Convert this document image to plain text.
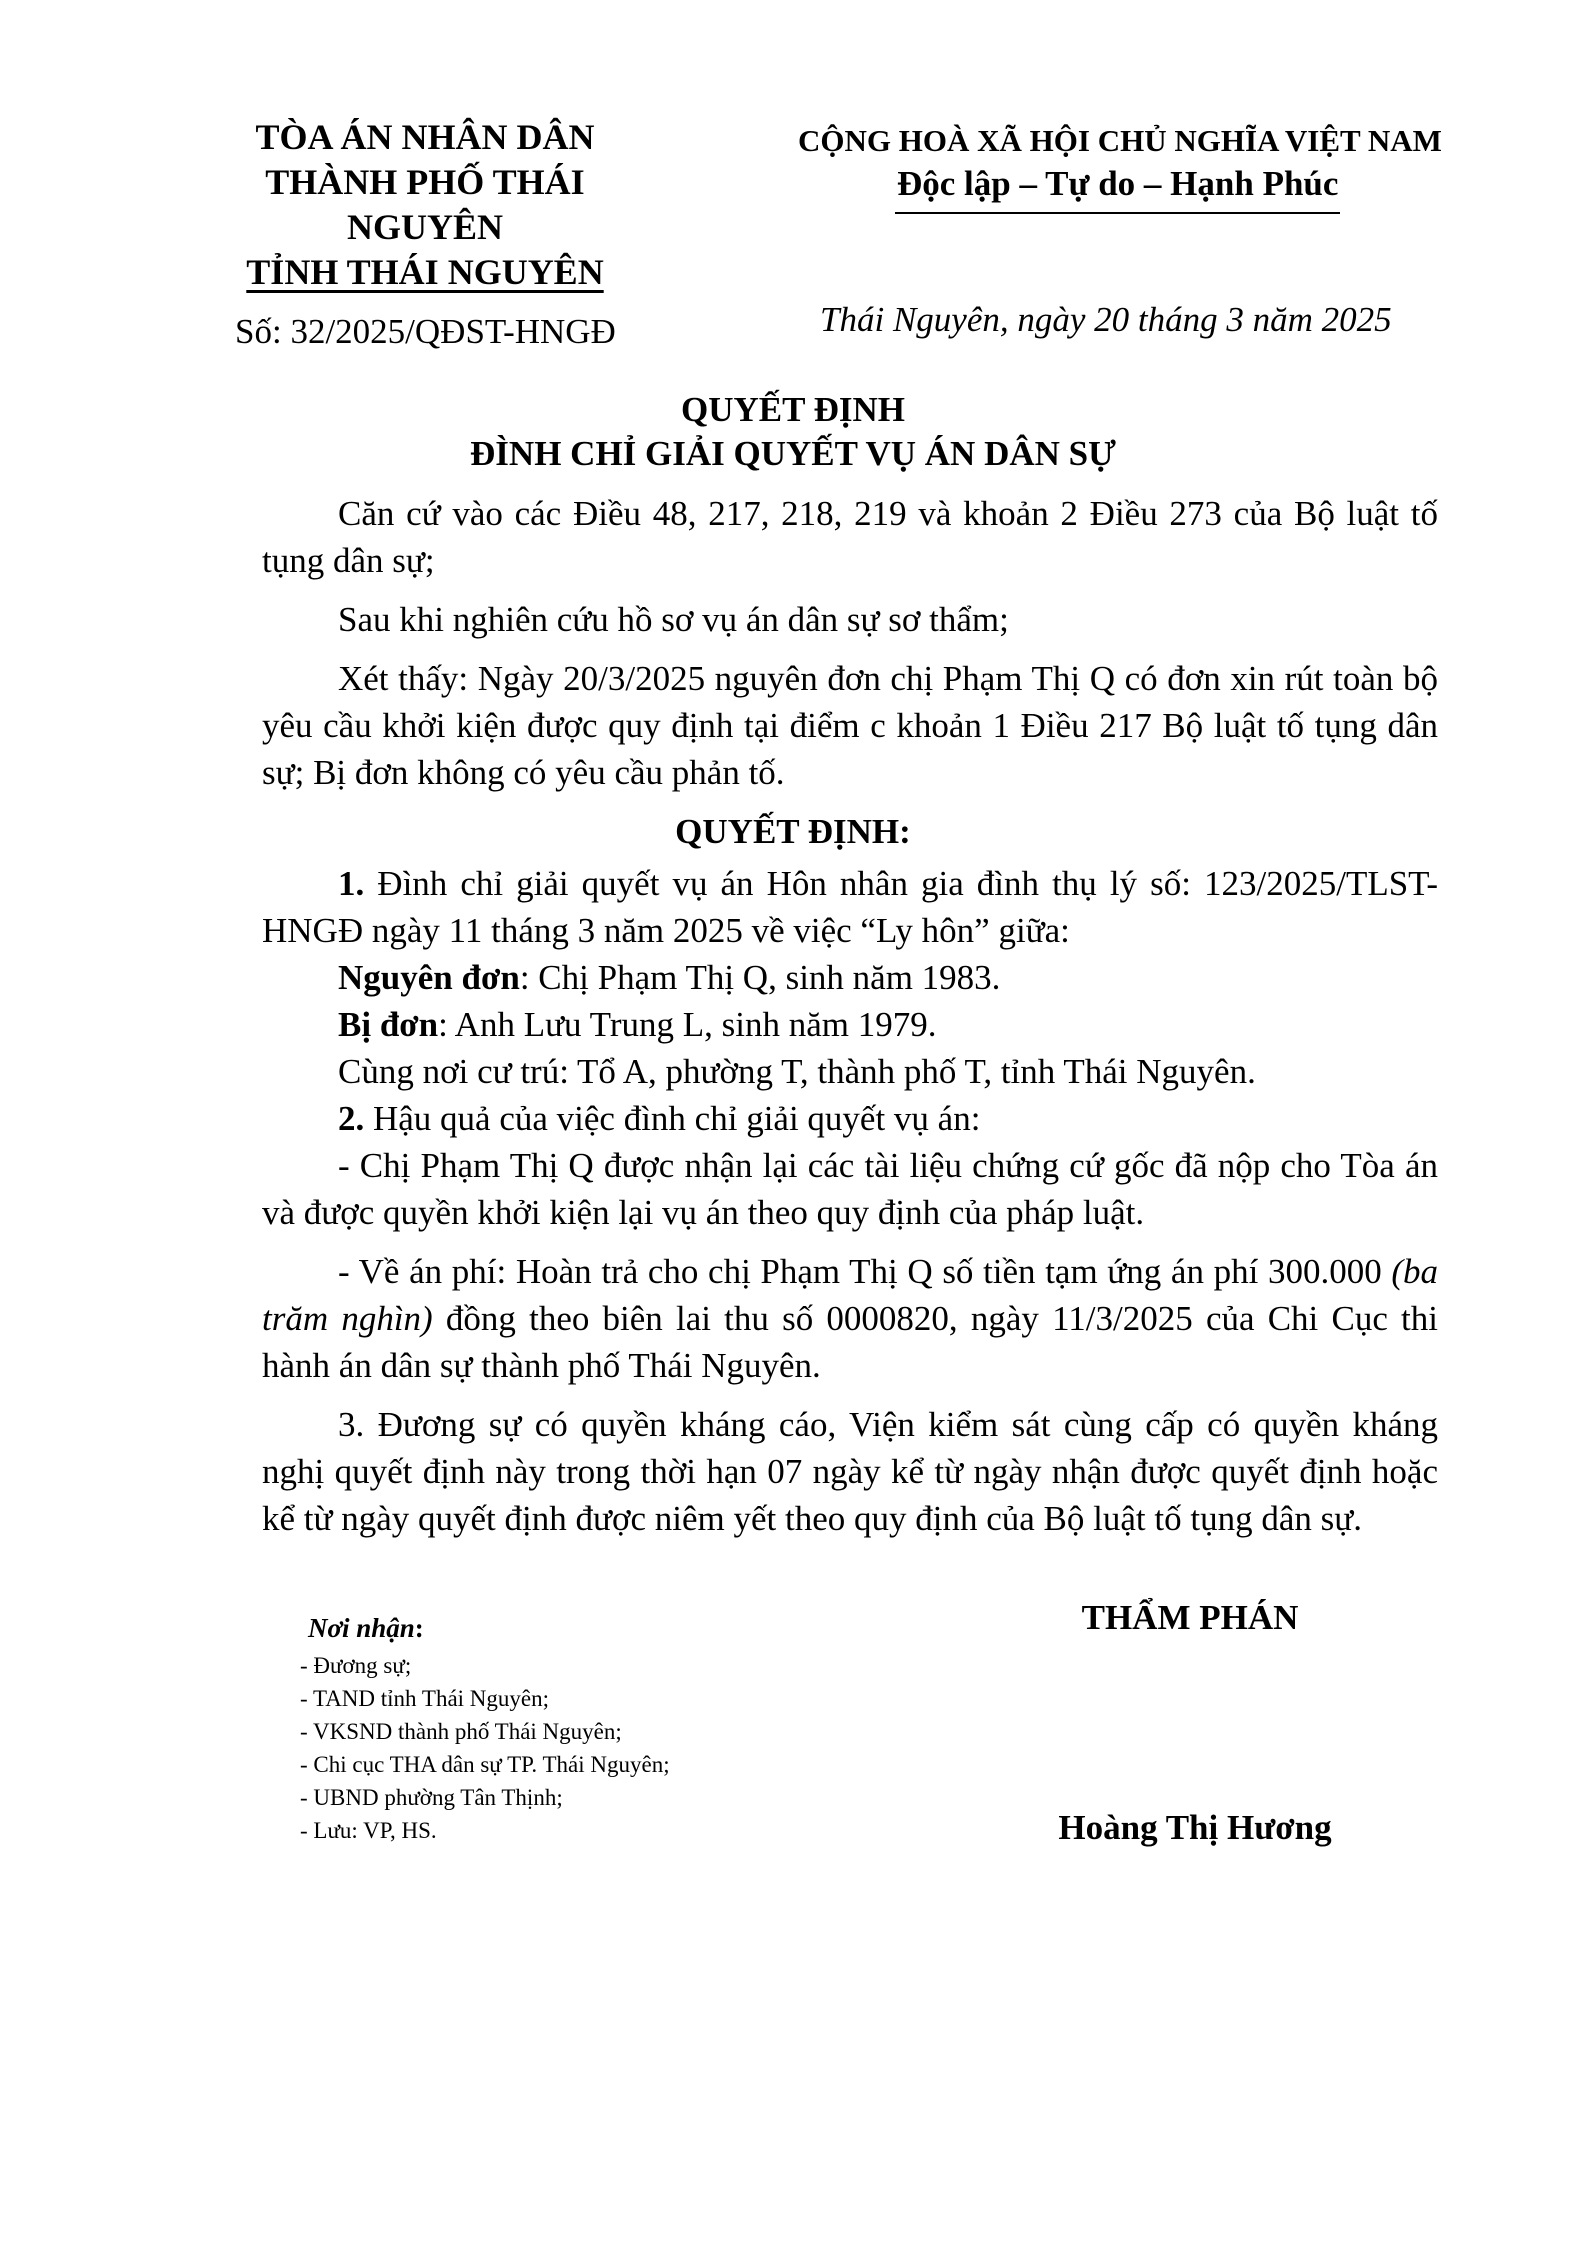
TÒA ÁN NHÂN DÂN
THÀNH PHỐ THÁI
NGUYÊN
TỈNH THÁI NGUYÊN
Số: 32/2025/QĐST-HNGĐ
CỘNG HOÀ XÃ HỘI CHỦ NGHĨA VIỆT NAM
Độc lập – Tự do – Hạnh Phúc
Thái Nguyên, ngày 20 tháng 3 năm 2025
QUYẾT ĐỊNH
ĐÌNH CHỈ GIẢI QUYẾT VỤ ÁN DÂN SỰ

Căn cứ vào các Điều 48, 217, 218, 219 và khoản 2 Điều 273 của Bộ luật tố tụng dân sự;

Sau khi nghiên cứu hồ sơ vụ án dân sự sơ thẩm;

Xét thấy: Ngày 20/3/2025 nguyên đơn chị Phạm Thị Q có đơn xin rút toàn bộ yêu cầu khởi kiện được quy định tại điểm c khoản 1 Điều 217 Bộ luật tố tụng dân sự; Bị đơn không có yêu cầu phản tố.

QUYẾT ĐỊNH:

1. Đình chỉ giải quyết vụ án Hôn nhân gia đình thụ lý số: 123/2025/TLST-HNGĐ ngày 11 tháng 3 năm 2025 về việc “Ly hôn” giữa:

Nguyên đơn: Chị Phạm Thị Q, sinh năm 1983.

Bị đơn: Anh Lưu Trung L, sinh năm 1979.

Cùng nơi cư trú: Tổ A, phường T, thành phố T, tỉnh Thái Nguyên.

2. Hậu quả của việc đình chỉ giải quyết vụ án:

- Chị Phạm Thị Q được nhận lại các tài liệu chứng cứ gốc đã nộp cho Tòa án và được quyền khởi kiện lại vụ án theo quy định của pháp luật.

- Về án phí: Hoàn trả cho chị Phạm Thị Q số tiền tạm ứng án phí 300.000 (ba trăm nghìn) đồng theo biên lai thu số 0000820, ngày 11/3/2025 của Chi Cục thi hành án dân sự thành phố Thái Nguyên.

3. Đương sự có quyền kháng cáo, Viện kiểm sát cùng cấp có quyền kháng nghị quyết định này trong thời hạn 07 ngày kể từ ngày nhận được quyết định hoặc kể từ ngày quyết định được niêm yết theo quy định của Bộ luật tố tụng dân sự.

Nơi nhận:
- Đương sự;
- TAND tỉnh Thái Nguyên;
- VKSND thành phố Thái Nguyên;
- Chi cục THA dân sự TP. Thái Nguyên;
- UBND phường Tân Thịnh;
- Lưu: VP, HS.
THẨM PHÁN
Hoàng Thị Hương
